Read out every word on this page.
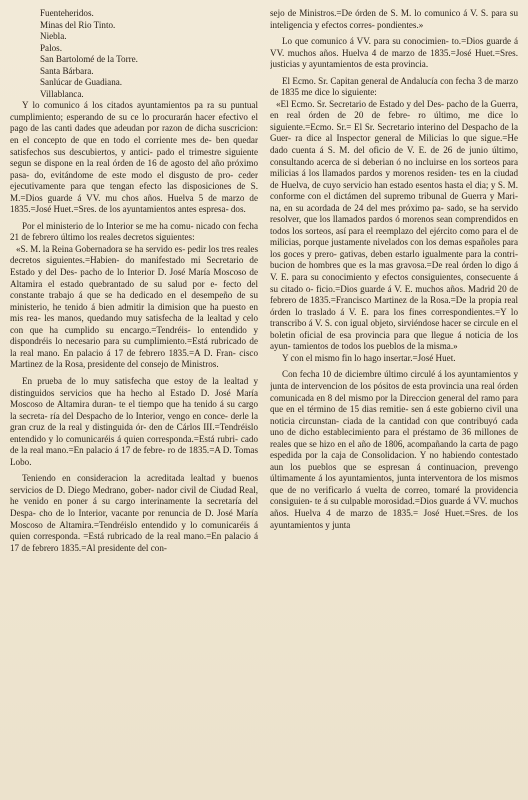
Fuenteheridos.

Minas del Rio Tinto.

Niebla.

Palos.

San Bartolomé de la Torre.

Santa Bárbara.

Sanlúcar de Guadiana.

Villablanca.

Y lo comunico á los citados ayuntamientos pa ra su puntual cumplimiento; esperando de su ce lo procurarán hacer efectivo el pago de las canti dades que adeudan por razon de dicha suscricion: en el concepto de que en todo el corriente mes de- ben quedar satisfechos sus descubiertos, y antici- pado el trimestre siguiente segun se dispone en la real órden de 16 de agosto del año próximo pasa- do, evitándome de este modo el disgusto de pro- ceder ejecutivamente para que tengan efecto las disposiciones de S. M.=Dios guarde á VV. mu chos años. Huelva 5 de marzo de 1835.=José Huet.=Sres. de los ayuntamientos antes espresa- dos.

Por el ministerio de lo Interior se me ha comu- nicado con fecha 21 de febrero último los reales decretos siguientes:

«S. M. la Reina Gobernadora se ha servido es- pedir los tres reales decretos siguientes.=Habien- do manifestado mi Secretario de Estado y del Des- pacho de lo Interior D. José María Moscoso de Altamira el estado quebrantado de su salud por e- fecto del constante trabajo á que se ha dedicado en el desempeño de su ministerio, he tenido á bien admitir la dimision que ha puesto en mis rea- les manos, quedando muy satisfecha de la lealtad y celo con que ha cumplido su encargo.=Tendréis- lo entendido y dispondréis lo necesario para su cumplimiento.=Está rubricado de la real mano. En palacio á 17 de febrero 1835.=A D. Fran- cisco Martinez de la Rosa, presidente del consejo de Ministros.

En prueba de lo muy satisfecha que estoy de la lealtad y distinguidos servicios que ha hecho al Estado D. José María Moscoso de Altamira duran- te el tiempo que ha tenido á su cargo la secreta- ría del Despacho de lo Interior, vengo en conce- derle la gran cruz de la real y distinguida ór- den de Cárlos III.=Tendréislo entendido y lo comunicaréis á quien corresponda.=Está rubri- cado de la real mano.=En palacio á 17 de febre- ro de 1835.=A D. Tomas Lobo.

Teniendo en consideracion la acreditada lealtad y buenos servicios de D. Diego Medrano, gober- nador civil de Ciudad Real, he venido en poner á su cargo interinamente la secretaría del Despa- cho de lo Interior, vacante por renuncia de D. José María Moscoso de Altamira.=Tendréislo entendido y lo comunicaréis á quien corresponda. =Está rubricado de la real mano.=En palacio á 17 de febrero 1835.=Al presidente del con-

sejo de Ministros.=De órden de S. M. lo comunico á V. S. para su inteligencia y efectos corres- pondientes.»

Lo que comunico á VV. para su conocimien- to.=Dios guarde á VV. muchos años. Huelva 4 de marzo de 1835.=José Huet.=Sres. justicias y ayuntamientos de esta provincia.

El Ecmo. Sr. Capitan general de Andalucía con fecha 3 de marzo de 1835 me dice lo siguiente:

«El Ecmo. Sr. Secretario de Estado y del Des- pacho de la Guerra, en real órden de 20 de febre- ro último, me dice lo siguiente.=Ecmo. Sr.= El Sr. Secretario interino del Despacho de la Guer- ra dice al Inspector general de Milicias lo que sigue.=He dado cuenta á S. M. del oficio de V. E. de 26 de junio último, consultando acerca de si deberian ó no incluirse en los sorteos para milicias á los llamados pardos y morenos residen- tes en la ciudad de Huelva, de cuyo servicio han estado esentos hasta el dia; y S. M. conforme con el dictámen del supremo tribunal de Guerra y Mari- na, en su acordada de 24 del mes próximo pa- sado, se ha servido resolver, que los llamados pardos ó morenos sean comprendidos en todos los sorteos, así para el reemplazo del ejército como para el de milicias, porque justamente nivelados con los demas españoles para los goces y prero- gativas, deben estarlo igualmente para la contri- bucion de hombres que es la mas gravosa.=De real órden lo digo á V. E. para su conocimiento y efectos consiguientes, consecuente á su citado o- ficio.=Dios guarde á V. E. muchos años. Madrid 20 de febrero de 1835.=Francisco Martinez de la Rosa.=De la propia real órden lo traslado á V. E. para los fines correspondientes.=Y lo transcribo á V. S. con igual objeto, sirviéndose hacer se circule en el boletin oficial de esa provincia para que llegue á noticia de los ayun- tamientos de todos los pueblos de la misma.»

Y con el mismo fin lo hago insertar.=José Huet.

Con fecha 10 de diciembre último circulé á los ayuntamientos y junta de intervencion de los pósitos de esta provincia una real órden comunicada en 8 del mismo por la Direccion general del ramo para que en el término de 15 dias remitie- sen á este gobierno civil una noticia circunstan- ciada de la cantidad con que contribuyó cada uno de dicho establecimiento para el préstamo de 36 millones de reales que se hizo en el año de 1806, acompañando la carta de pago espedida por la caja de Consolidacion. Y no habiendo contestado aun los pueblos que se espresan á continuacion, prevengo últimamente á los ayuntamientos, junta interventora de los mismos que de no verificarlo á vuelta de correo, tomaré la providencia consiguien- te á su culpable morosidad.=Dios guarde á VV. muchos años. Huelva 4 de marzo de 1835.= José Huet.=Sres. de los ayuntamientos y junta
